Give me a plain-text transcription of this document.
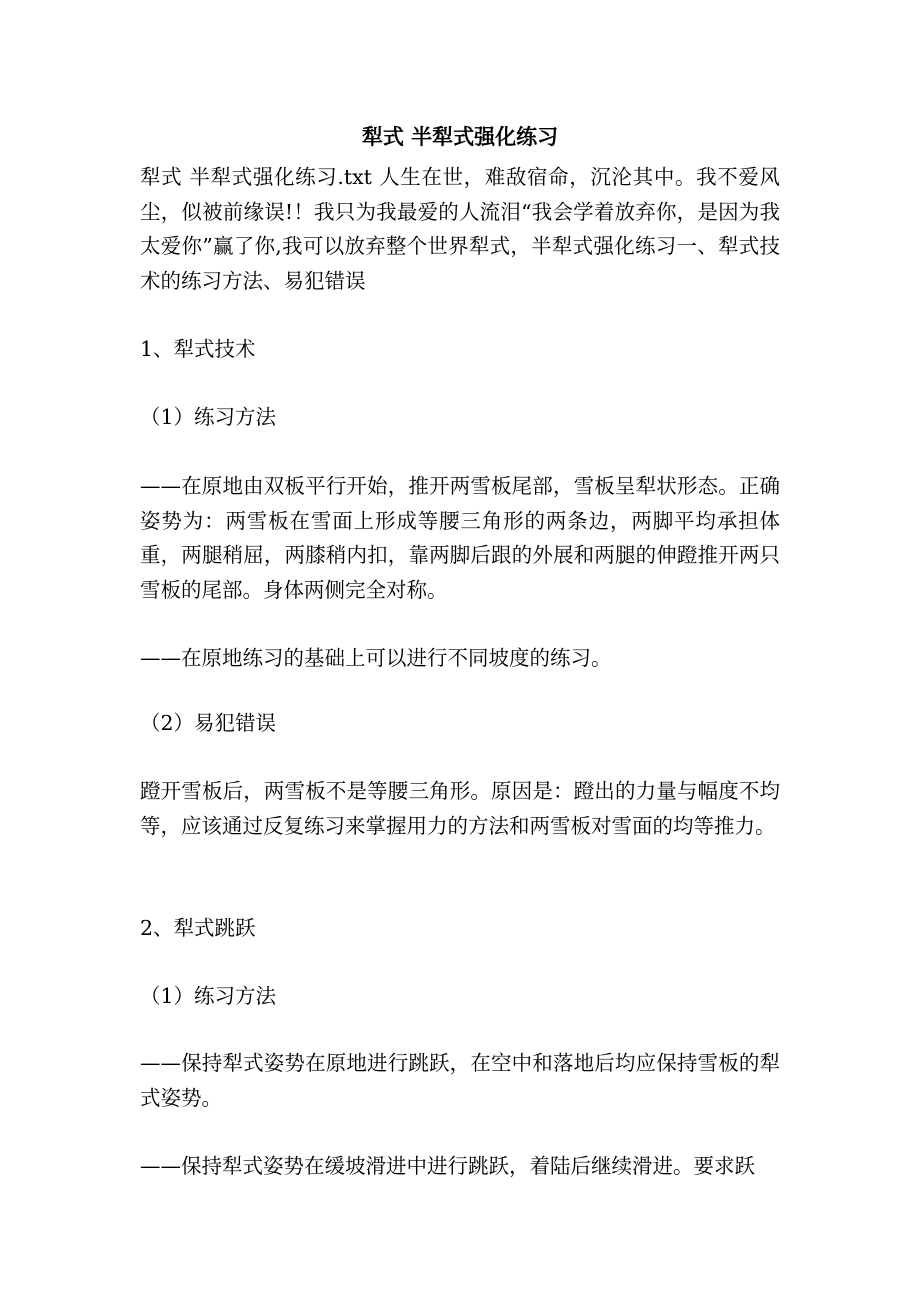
犁式 半犁式强化练习
犁式 半犁式强化练习.txt 人生在世，难敌宿命，沉沦其中。我不爱风尘，似被前缘误!！我只为我最爱的人流泪“我会学着放弃你，是因为我太爱你”赢了你,我可以放弃整个世界犁式，半犁式强化练习一、犁式技术的练习方法、易犯错误
1、犁式技术
（1）练习方法
——在原地由双板平行开始，推开两雪板尾部，雪板呈犁状形态。正确姿势为：两雪板在雪面上形成等腰三角形的两条边，两脚平均承担体重，两腿稍屈，两膝稍内扣，靠两脚后跟的外展和两腿的伸蹬推开两只雪板的尾部。身体两侧完全对称。
——在原地练习的基础上可以进行不同坡度的练习。
（2）易犯错误
蹬开雪板后，两雪板不是等腰三角形。原因是：蹬出的力量与幅度不均等，应该通过反复练习来掌握用力的方法和两雪板对雪面的均等推力。
2、犁式跳跃
（1）练习方法
——保持犁式姿势在原地进行跳跃，在空中和落地后均应保持雪板的犁式姿势。
——保持犁式姿势在缓坡滑进中进行跳跃，着陆后继续滑进。要求跃
